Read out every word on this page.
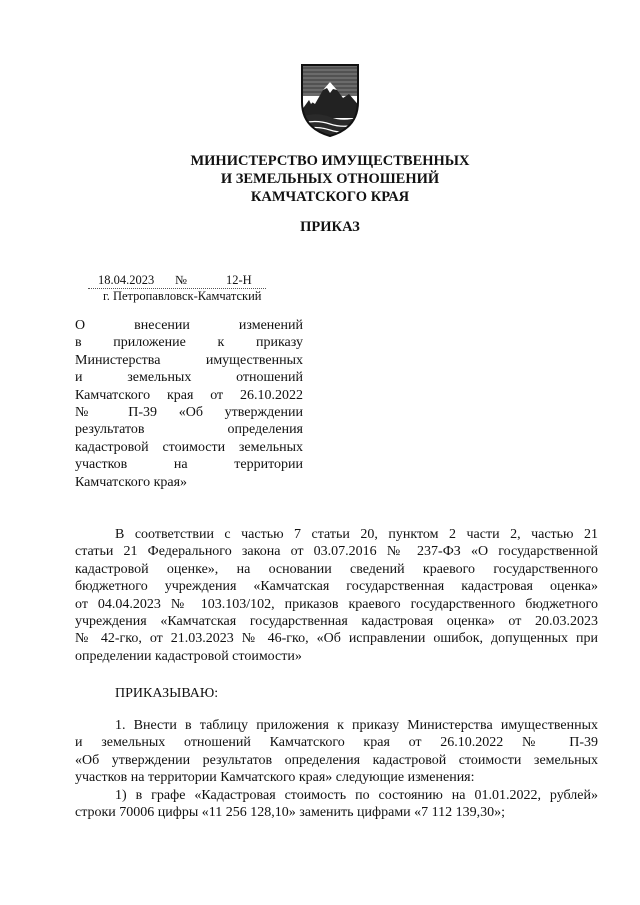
МИНИСТЕРСТВО ИМУЩЕСТВЕННЫХ
И ЗЕМЕЛЬНЫХ ОТНОШЕНИЙ
КАМЧАТСКОГО КРАЯ
ПРИКАЗ
18.04.2023 №	12-Н
г. Петропавловск-Камчатский
О внесении изменений
в приложение к приказу
Министерства имущественных
и земельных отношений
Камчатского края от 26.10.2022
№ П-39 «Об утверждении
результатов определения
кадастровой стоимости земельных
участков на территории
Камчатского края»
В соответствии с частью 7 статьи 20, пунктом 2 части 2, частью 21
статьи 21 Федерального закона от 03.07.2016 № 237-ФЗ «О государственной
кадастровой оценке», на основании сведений краевого государственного
бюджетного учреждения «Камчатская государственная кадастровая оценка»
от 04.04.2023 № 103.103/102, приказов краевого государственного бюджетного
учреждения «Камчатская государственная кадастровая оценка» от 20.03.2023
№ 42-гко, от 21.03.2023 № 46-гко, «Об исправлении ошибок, допущенных при
определении кадастровой стоимости»
ПРИКАЗЫВАЮ:
1. Внести в таблицу приложения к приказу Министерства имущественных
и земельных отношений Камчатского края от 26.10.2022 № П-39
«Об утверждении результатов определения кадастровой стоимости земельных
участков на территории Камчатского края» следующие изменения:
1) в графе «Кадастровая стоимость по состоянию на 01.01.2022, рублей»
строки 70006 цифры «11 256 128,10» заменить цифрами «7 112 139,30»;
